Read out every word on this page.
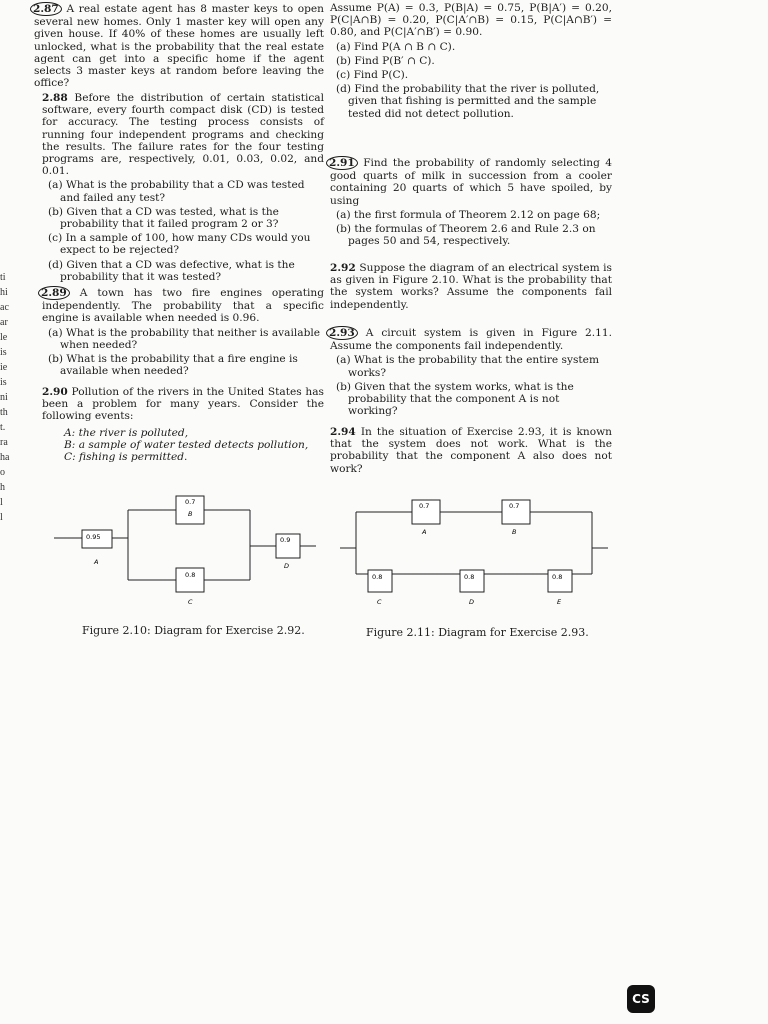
ti
hi
ac
ar
le
is
ie
is
ni
th
t.
ra
ha
o
h
l
l

2.87 A real estate agent has 8 master keys to open several new homes. Only 1 master key will open any given house. If 40% of these homes are usually left unlocked, what is the probability that the real estate agent can get into a specific home if the agent selects 3 master keys at random before leaving the office?

2.88 Before the distribution of certain statistical software, every fourth compact disk (CD) is tested for accuracy. The testing process consists of running four independent programs and checking the results. The failure rates for the four testing programs are, respectively, 0.01, 0.03, 0.02, and 0.01.

(a) What is the probability that a CD was tested and failed any test?

(b) Given that a CD was tested, what is the probability that it failed program 2 or 3?

(c) In a sample of 100, how many CDs would you expect to be rejected?

(d) Given that a CD was defective, what is the probability that it was tested?

2.89 A town has two fire engines operating independently. The probability that a specific engine is available when needed is 0.96.

(a) What is the probability that neither is available when needed?

(b) What is the probability that a fire engine is available when needed?

2.90 Pollution of the rivers in the United States has been a problem for many years. Consider the following events:

A: the river is polluted,

B: a sample of water tested detects pollution,

C: fishing is permitted.

Assume P(A) = 0.3, P(B|A) = 0.75, P(B|A′) = 0.20, P(C|A∩B) = 0.20, P(C|A′∩B) = 0.15, P(C|A∩B′) = 0.80, and P(C|A′∩B′) = 0.90.

(a) Find P(A ∩ B ∩ C).

(b) Find P(B′ ∩ C).

(c) Find P(C).

(d) Find the probability that the river is polluted, given that fishing is permitted and the sample tested did not detect pollution.

2.91 Find the probability of randomly selecting 4 good quarts of milk in succession from a cooler containing 20 quarts of which 5 have spoiled, by using

(a) the first formula of Theorem 2.12 on page 68;

(b) the formulas of Theorem 2.6 and Rule 2.3 on pages 50 and 54, respectively.

2.92 Suppose the diagram of an electrical system is as given in Figure 2.10. What is the probability that the system works? Assume the components fail independently.

2.93 A circuit system is given in Figure 2.11. Assume the components fail independently.

(a) What is the probability that the entire system works?

(b) Given that the system works, what is the probability that the component A is not working?

2.94 In the situation of Exercise 2.93, it is known that the system does not work. What is the probability that the component A also does not work?

0.95
A
0.7
B
0.8
C
0.9
D
Figure 2.10: Diagram for Exercise 2.92.
0.7
A
0.7
B
0.8
C
0.8
D
0.8
E
Figure 2.11: Diagram for Exercise 2.93.
CS
